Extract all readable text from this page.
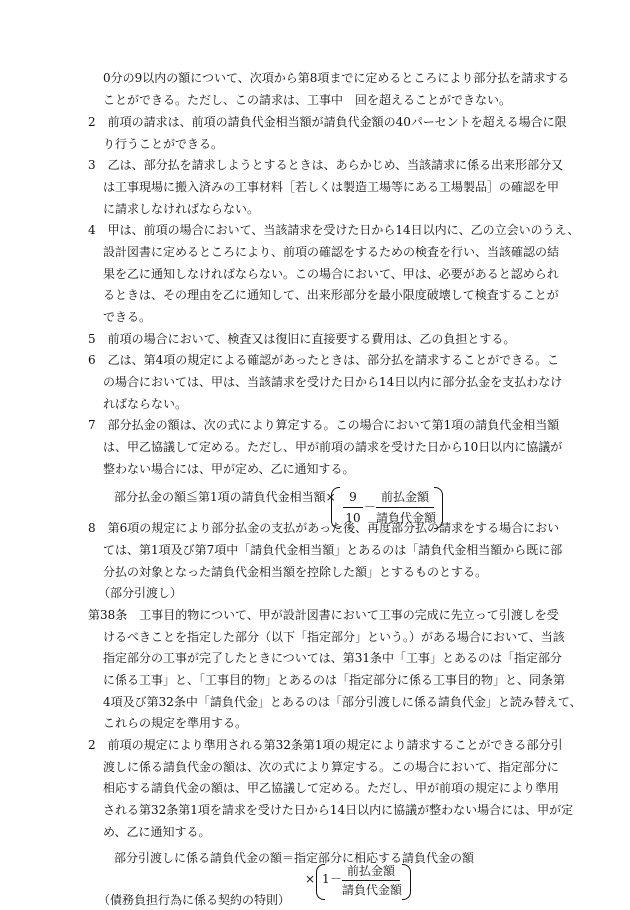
0分の9以内の額について、次項から第8項までに定めるところにより部分払を請求する
ことができる。ただし、この請求は、工事中　回を超えることができない。
2　前項の請求は、前項の請負代金相当額が請負代金額の40パーセントを超える場合に限
り行うことができる。
3　乙は、部分払を請求しようとするときは、あらかじめ、当該請求に係る出来形部分又
は工事現場に搬入済みの工事材料［若しくは製造工場等にある工場製品］の確認を甲
に請求しなければならない。
4　甲は、前項の場合において、当該請求を受けた日から14日以内に、乙の立会いのうえ、
設計図書に定めるところにより、前項の確認をするための検査を行い、当該確認の結
果を乙に通知しなければならない。この場合において、甲は、必要があると認められ
るときは、その理由を乙に通知して、出来形部分を最小限度破壊して検査することが
できる。
5　前項の場合において、検査又は復旧に直接要する費用は、乙の負担とする。
6　乙は、第4項の規定による確認があったときは、部分払を請求することができる。こ
の場合においては、甲は、当該請求を受けた日から14日以内に部分払金を支払わなけ
ればならない。
7　部分払金の額は、次の式により算定する。この場合において第1項の請負代金相当額
は、甲乙協議して定める。ただし、甲が前項の請求を受けた日から10日以内に協議が
整わない場合には、甲が定め、乙に通知する。
部分払金の額≦第1項の請負代金相当額×
8　第6項の規定により部分払金の支払があった後、再度部分払の請求をする場合におい
ては、第1項及び第7項中「請負代金相当額」とあるのは「請負代金相当額から既に部
分払の対象となった請負代金相当額を控除した額」とするものとする。
（部分引渡し）
第38条　工事目的物について、甲が設計図書において工事の完成に先立って引渡しを受
けるべきことを指定した部分（以下「指定部分」という。）がある場合において、当該
指定部分の工事が完了したときについては、第31条中「工事」とあるのは「指定部分
に係る工事」と、「工事目的物」とあるのは「指定部分に係る工事目的物」と、同条第
4項及び第32条中「請負代金」とあるのは「部分引渡しに係る請負代金」と読み替えて、
これらの規定を準用する。
2　前項の規定により準用される第32条第1項の規定により請求することができる部分引
渡しに係る請負代金の額は、次の式により算定する。この場合において、指定部分に
相応する請負代金の額は、甲乙協議して定める。ただし、甲が前項の規定により準用
される第32条第1項を請求を受けた日から14日以内に協議が整わない場合には、甲が定
め、乙に通知する。
部分引渡しに係る請負代金の額＝指定部分に相応する請負代金の額
×
（債務負担行為に係る契約の特則）
9
10
－
前払金額
請負代金額
1 －
前払金額
請負代金額
